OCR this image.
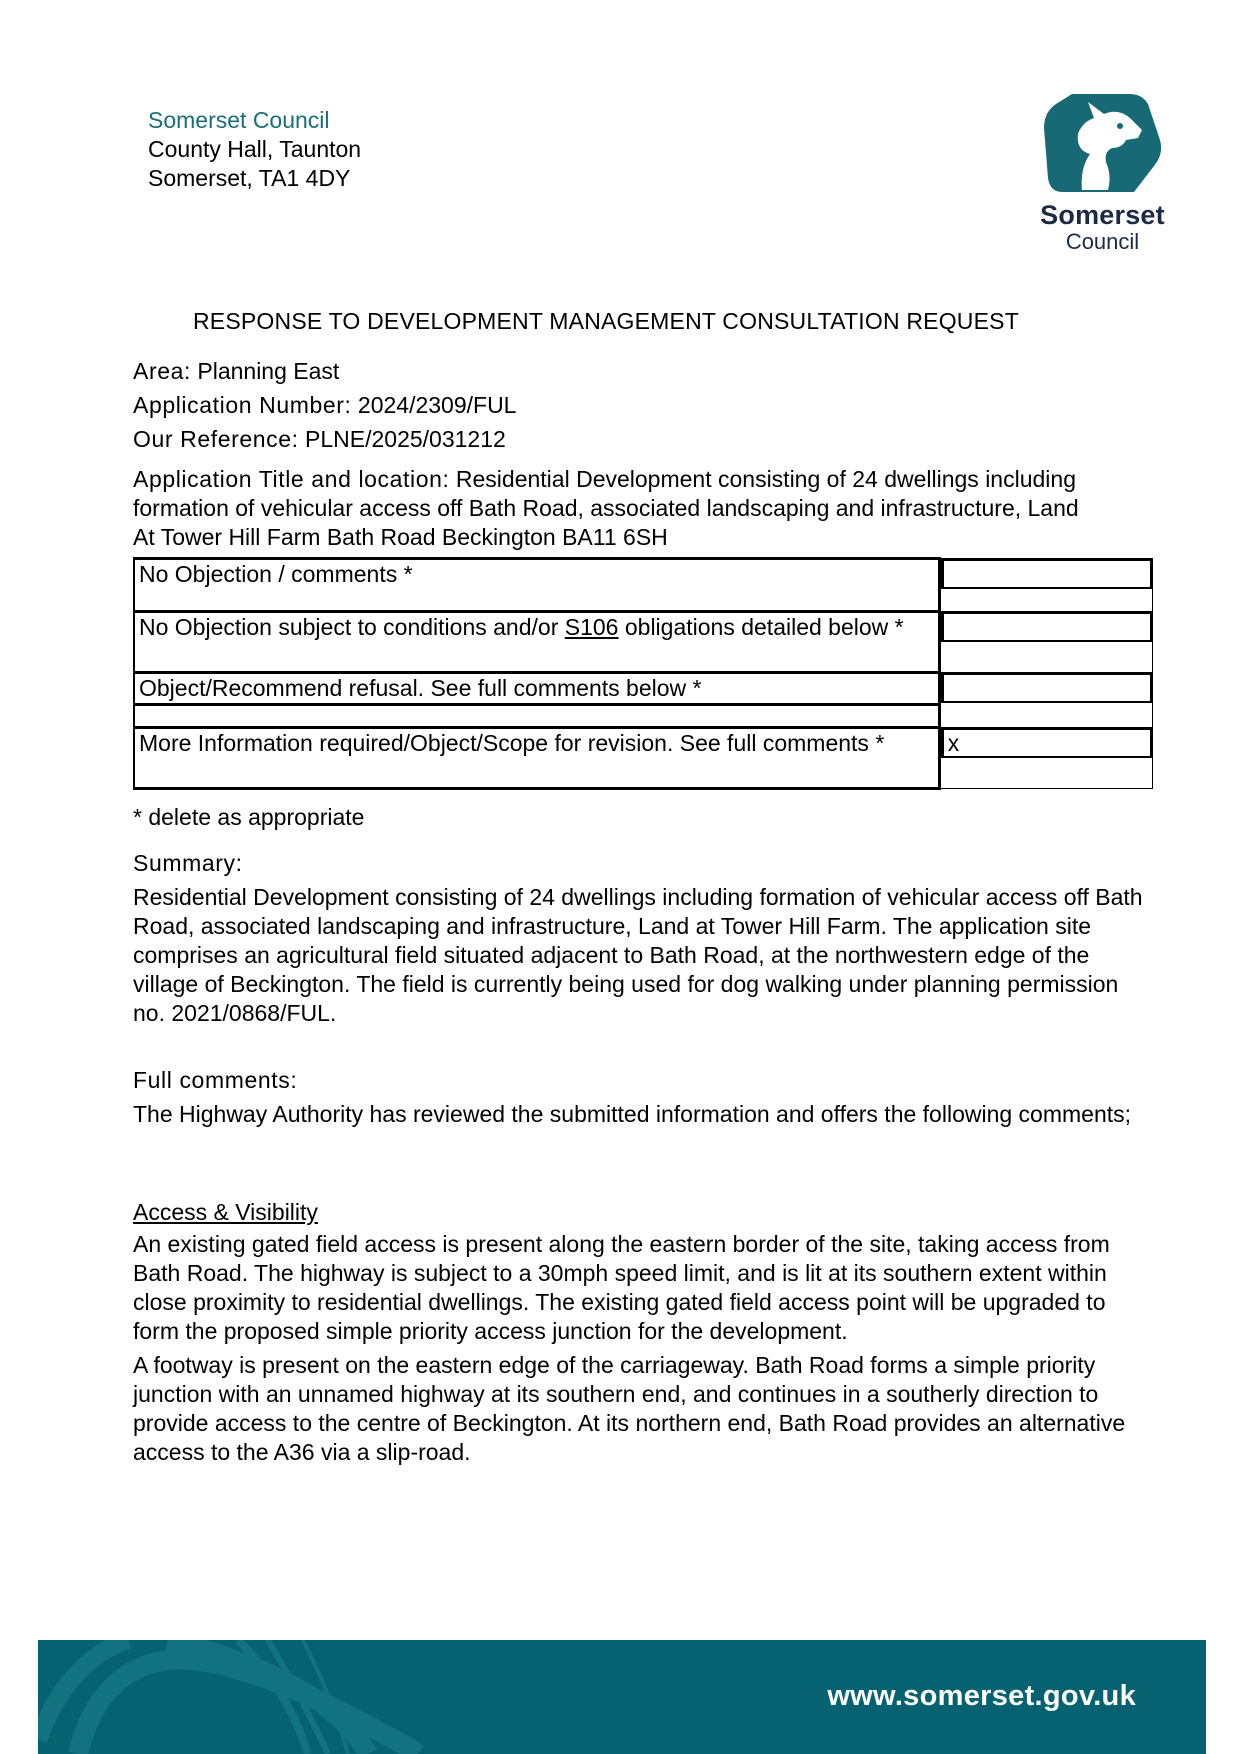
Somerset Council
County Hall, Taunton
Somerset, TA1 4DY
Somerset
Council
RESPONSE TO DEVELOPMENT MANAGEMENT CONSULTATION REQUEST
Area: Planning East
Application Number: 2024/2309/FUL
Our Reference: PLNE/2025/031212
Application Title and location: Residential Development consisting of 24 dwellings including formation of vehicular access off Bath Road, associated landscaping and infrastructure, Land At Tower Hill Farm Bath Road Beckington BA11 6SH
No Objection / comments *	

No Objection subject to conditions and/or S106 obligations detailed below *	

Object/Recommend refusal. See full comments below *	

More Information required/Object/Scope for revision. See full comments *	x
* delete as appropriate
Summary:
Residential Development consisting of 24 dwellings including formation of vehicular access off Bath Road, associated landscaping and infrastructure, Land at Tower Hill Farm. The application site comprises an agricultural field situated adjacent to Bath Road, at the northwestern edge of the village of Beckington. The field is currently being used for dog walking under planning permission no. 2021/0868/FUL.
Full comments:
The Highway Authority has reviewed the submitted information and offers the following comments;
Access & Visibility
An existing gated field access is present along the eastern border of the site, taking access from Bath Road. The highway is subject to a 30mph speed limit, and is lit at its southern extent within close proximity to residential dwellings. The existing gated field access point will be upgraded to form the proposed simple priority access junction for the development.
A footway is present on the eastern edge of the carriageway. Bath Road forms a simple priority junction with an unnamed highway at its southern end, and continues in a southerly direction to provide access to the centre of Beckington. At its northern end, Bath Road provides an alternative access to the A36 via a slip-road.
www.somerset.gov.uk
